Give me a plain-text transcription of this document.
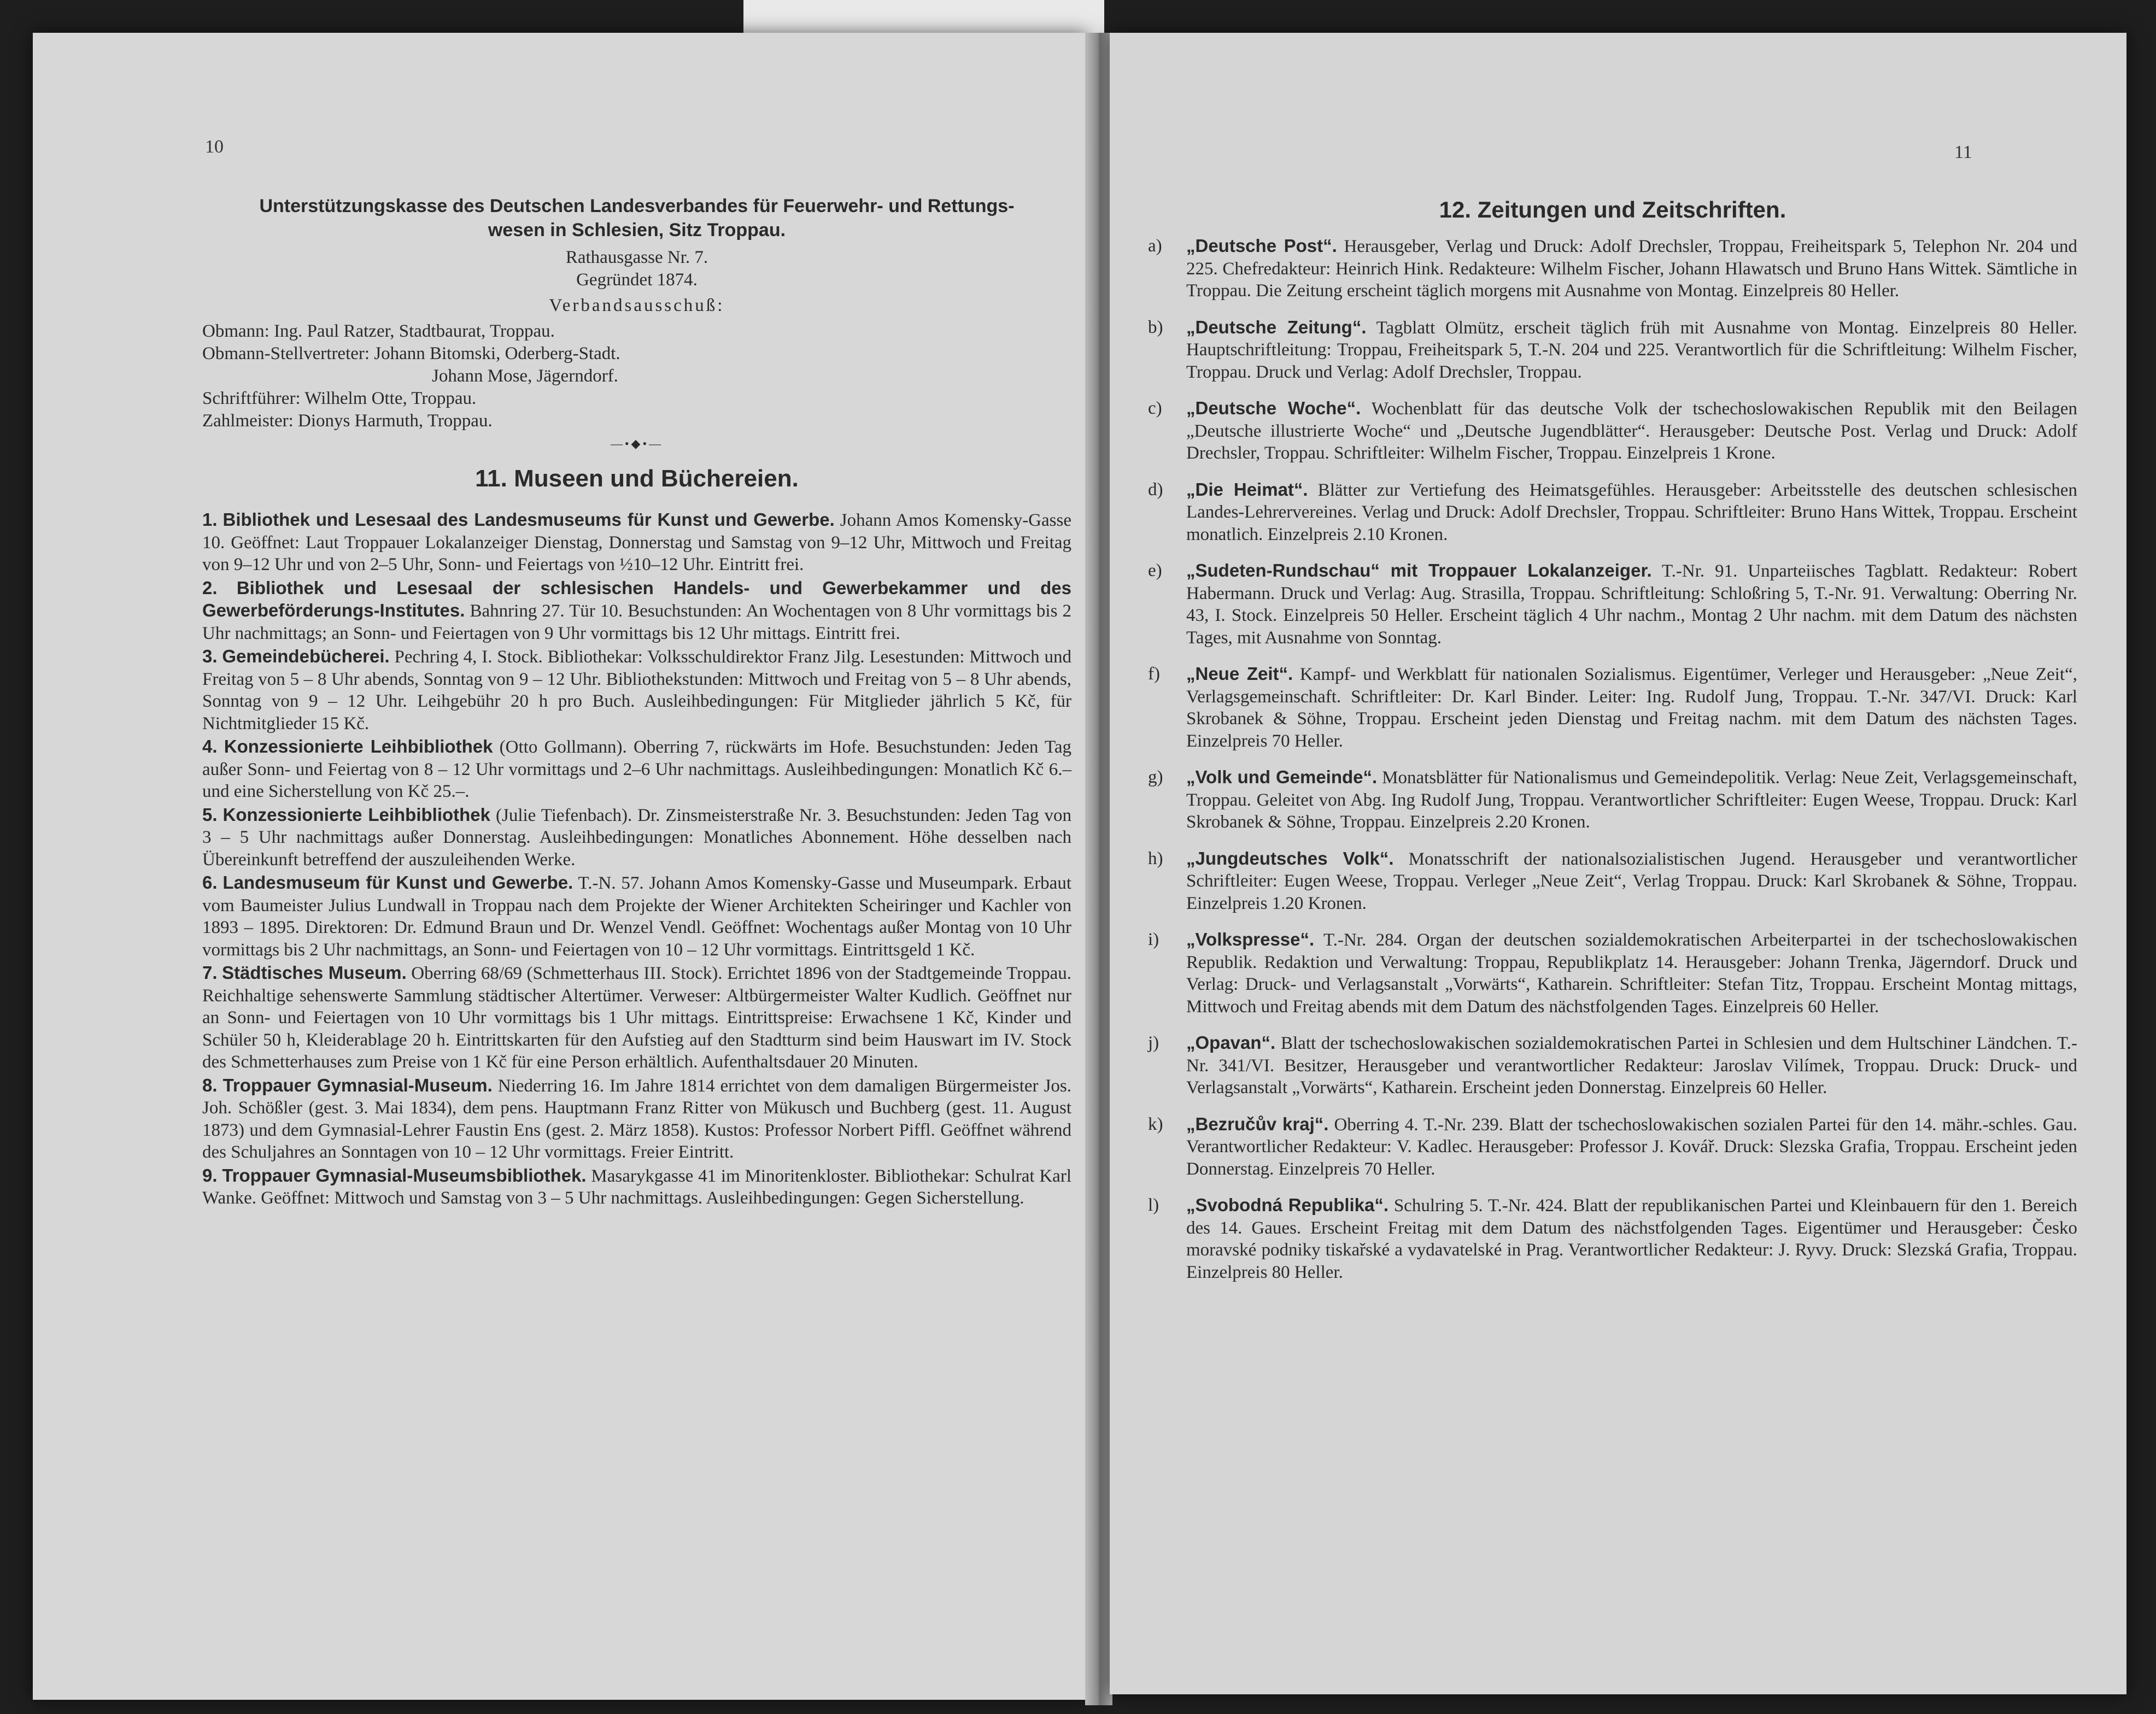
10
Unterstützungskasse des Deutschen Landesverbandes für Feuerwehr- und Rettungs-
wesen in Schlesien, Sitz Troppau.
Rathausgasse Nr. 7.
Gegründet 1874.
Verbandsausschuß:
Obmann: Ing. Paul Ratzer, Stadtbaurat, Troppau.
Obmann-Stellvertreter: Johann Bitomski, Oderberg-Stadt.
Johann Mose, Jägerndorf.
Schriftführer: Wilhelm Otte, Troppau.
Zahlmeister: Dionys Harmuth, Troppau.
—•◆•—
11. Museen und Büchereien.
1. Bibliothek und Lesesaal des Landesmuseums für Kunst und Gewerbe. Johann Amos Komensky-Gasse 10. Geöffnet: Laut Troppauer Lokalanzeiger Dienstag, Donnerstag und Samstag von 9–12 Uhr, Mittwoch und Freitag von 9–12 Uhr und von 2–5 Uhr, Sonn- und Feiertags von ½10–12 Uhr. Eintritt frei.
2. Bibliothek und Lesesaal der schlesischen Handels- und Gewerbekammer und des Gewerbeförderungs-Institutes. Bahnring 27. Tür 10. Besuchstunden: An Wochentagen von 8 Uhr vormittags bis 2 Uhr nachmittags; an Sonn- und Feiertagen von 9 Uhr vormittags bis 12 Uhr mittags. Eintritt frei.
3. Gemeindebücherei. Pechring 4, I. Stock. Bibliothekar: Volksschuldirektor Franz Jilg. Lesestunden: Mittwoch und Freitag von 5 – 8 Uhr abends, Sonntag von 9 – 12 Uhr. Bibliothekstunden: Mittwoch und Freitag von 5 – 8 Uhr abends, Sonntag von 9 – 12 Uhr. Leihgebühr 20 h pro Buch. Ausleihbedingungen: Für Mitglieder jährlich 5 Kč, für Nichtmitglieder 15 Kč.
4. Konzessionierte Leihbibliothek (Otto Gollmann). Oberring 7, rückwärts im Hofe. Besuchstunden: Jeden Tag außer Sonn- und Feiertag von 8 – 12 Uhr vormittags und 2–6 Uhr nachmittags. Ausleihbedingungen: Monatlich Kč 6.– und eine Sicherstellung von Kč 25.–.
5. Konzessionierte Leihbibliothek (Julie Tiefenbach). Dr. Zinsmeisterstraße Nr. 3. Besuchstunden: Jeden Tag von 3 – 5 Uhr nachmittags außer Donnerstag. Ausleihbedingungen: Monatliches Abonnement. Höhe desselben nach Übereinkunft betreffend der auszuleihenden Werke.
6. Landesmuseum für Kunst und Gewerbe. T.-N. 57. Johann Amos Komensky-Gasse und Museumpark. Erbaut vom Baumeister Julius Lundwall in Troppau nach dem Projekte der Wiener Architekten Scheiringer und Kachler von 1893 – 1895. Direktoren: Dr. Edmund Braun und Dr. Wenzel Vendl. Geöffnet: Wochentags außer Montag von 10 Uhr vormittags bis 2 Uhr nachmittags, an Sonn- und Feiertagen von 10 – 12 Uhr vormittags. Eintrittsgeld 1 Kč.
7. Städtisches Museum. Oberring 68/69 (Schmetterhaus III. Stock). Errichtet 1896 von der Stadtgemeinde Troppau. Reichhaltige sehenswerte Sammlung städtischer Altertümer. Verweser: Altbürgermeister Walter Kudlich. Geöffnet nur an Sonn- und Feiertagen von 10 Uhr vormittags bis 1 Uhr mittags. Eintrittspreise: Erwachsene 1 Kč, Kinder und Schüler 50 h, Kleiderablage 20 h. Eintrittskarten für den Aufstieg auf den Stadtturm sind beim Hauswart im IV. Stock des Schmetterhauses zum Preise von 1 Kč für eine Person erhältlich. Aufenthaltsdauer 20 Minuten.
8. Troppauer Gymnasial-Museum. Niederring 16. Im Jahre 1814 errichtet von dem damaligen Bürgermeister Jos. Joh. Schößler (gest. 3. Mai 1834), dem pens. Hauptmann Franz Ritter von Mükusch und Buchberg (gest. 11. August 1873) und dem Gymnasial-Lehrer Faustin Ens (gest. 2. März 1858). Kustos: Professor Norbert Piffl. Geöffnet während des Schuljahres an Sonntagen von 10 – 12 Uhr vormittags. Freier Eintritt.
9. Troppauer Gymnasial-Museumsbibliothek. Masarykgasse 41 im Minoritenkloster. Bibliothekar: Schulrat Karl Wanke. Geöffnet: Mittwoch und Samstag von 3 – 5 Uhr nachmittags. Ausleihbedingungen: Gegen Sicherstellung.
11
12. Zeitungen und Zeitschriften.
a)	„Deutsche Post“. Herausgeber, Verlag und Druck: Adolf Drechsler, Troppau, Freiheitspark 5, Telephon Nr. 204 und 225. Chefredakteur: Heinrich Hink. Redakteure: Wilhelm Fischer, Johann Hlawatsch und Bruno Hans Wittek. Sämtliche in Troppau. Die Zeitung erscheint täglich morgens mit Ausnahme von Montag. Einzelpreis 80 Heller.
b)	„Deutsche Zeitung“. Tagblatt Olmütz, erscheit täglich früh mit Ausnahme von Montag. Einzelpreis 80 Heller. Hauptschriftleitung: Troppau, Freiheitspark 5, T.-N. 204 und 225. Verantwortlich für die Schriftleitung: Wilhelm Fischer, Troppau. Druck und Verlag: Adolf Drechsler, Troppau.
c)	„Deutsche Woche“. Wochenblatt für das deutsche Volk der tschechoslowakischen Republik mit den Beilagen „Deutsche illustrierte Woche“ und „Deutsche Jugendblätter“. Herausgeber: Deutsche Post. Verlag und Druck: Adolf Drechsler, Troppau. Schriftleiter: Wilhelm Fischer, Troppau. Einzelpreis 1 Krone.
d)	„Die Heimat“. Blätter zur Vertiefung des Heimatsgefühles. Herausgeber: Arbeitsstelle des deutschen schlesischen Landes-Lehrervereines. Verlag und Druck: Adolf Drechsler, Troppau. Schriftleiter: Bruno Hans Wittek, Troppau. Erscheint monatlich. Einzelpreis 2.10 Kronen.
e)	„Sudeten-Rundschau“ mit Troppauer Lokalanzeiger. T.-Nr. 91. Unparteiisches Tagblatt. Redakteur: Robert Habermann. Druck und Verlag: Aug. Strasilla, Troppau. Schriftleitung: Schloßring 5, T.-Nr. 91. Verwaltung: Oberring Nr. 43, I. Stock. Einzelpreis 50 Heller. Erscheint täglich 4 Uhr nachm., Montag 2 Uhr nachm. mit dem Datum des nächsten Tages, mit Ausnahme von Sonntag.
f)	„Neue Zeit“. Kampf- und Werkblatt für nationalen Sozialismus. Eigentümer, Verleger und Herausgeber: „Neue Zeit“, Verlagsgemeinschaft. Schriftleiter: Dr. Karl Binder. Leiter: Ing. Rudolf Jung, Troppau. T.-Nr. 347/VI. Druck: Karl Skrobanek & Söhne, Troppau. Erscheint jeden Dienstag und Freitag nachm. mit dem Datum des nächsten Tages. Einzelpreis 70 Heller.
g)	„Volk und Gemeinde“. Monatsblätter für Nationalismus und Gemeindepolitik. Verlag: Neue Zeit, Verlagsgemeinschaft, Troppau. Geleitet von Abg. Ing Rudolf Jung, Troppau. Verantwortlicher Schriftleiter: Eugen Weese, Troppau. Druck: Karl Skrobanek & Söhne, Troppau. Einzelpreis 2.20 Kronen.
h)	„Jungdeutsches Volk“. Monatsschrift der nationalsozialistischen Jugend. Herausgeber und verantwortlicher Schriftleiter: Eugen Weese, Troppau. Verleger „Neue Zeit“, Verlag Troppau. Druck: Karl Skrobanek & Söhne, Troppau. Einzelpreis 1.20 Kronen.
i)	„Volkspresse“. T.-Nr. 284. Organ der deutschen sozialdemokratischen Arbeiterpartei in der tschechoslowakischen Republik. Redaktion und Verwaltung: Troppau, Republikplatz 14. Herausgeber: Johann Trenka, Jägerndorf. Druck und Verlag: Druck- und Verlagsanstalt „Vorwärts“, Katharein. Schriftleiter: Stefan Titz, Troppau. Erscheint Montag mittags, Mittwoch und Freitag abends mit dem Datum des nächstfolgenden Tages. Einzelpreis 60 Heller.
j)	„Opavan“. Blatt der tschechoslowakischen sozialdemokratischen Partei in Schlesien und dem Hultschiner Ländchen. T.-Nr. 341/VI. Besitzer, Herausgeber und verantwortlicher Redakteur: Jaroslav Vilímek, Troppau. Druck: Druck- und Verlagsanstalt „Vorwärts“, Katharein. Erscheint jeden Donnerstag. Einzelpreis 60 Heller.
k)	„Bezručův kraj“. Oberring 4. T.-Nr. 239. Blatt der tschechoslowakischen sozialen Partei für den 14. mähr.-schles. Gau. Verantwortlicher Redakteur: V. Kadlec. Herausgeber: Professor J. Kovář. Druck: Slezska Grafia, Troppau. Erscheint jeden Donnerstag. Einzelpreis 70 Heller.
l)	„Svobodná Republika“. Schulring 5. T.-Nr. 424. Blatt der republikanischen Partei und Kleinbauern für den 1. Bereich des 14. Gaues. Erscheint Freitag mit dem Datum des nächstfolgenden Tages. Eigentümer und Herausgeber: Česko moravské podniky tiskařské a vydavatelské in Prag. Verantwortlicher Redakteur: J. Ryvy. Druck: Slezská Grafia, Troppau. Einzelpreis 80 Heller.
